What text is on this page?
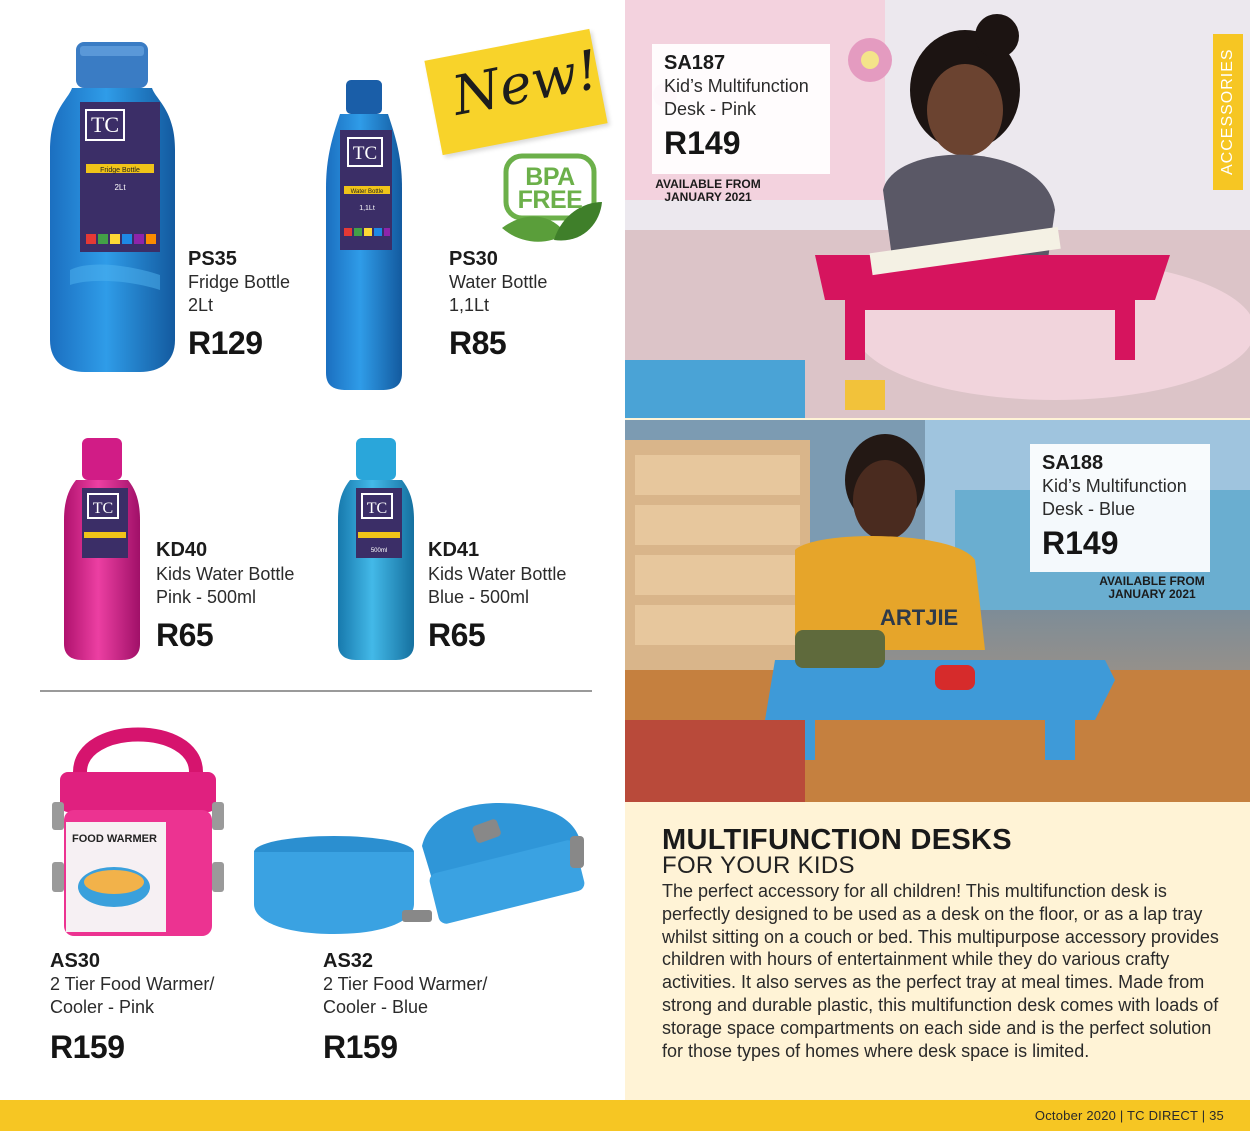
TC
Fridge Bottle
2Lt
TC
Water Bottle
1,1Lt
TC	TC
500ml
FOOD WARMER
PS35
Fridge Bottle
2Lt
R129
PS30
Water Bottle
1,1Lt
R85
KD40
Kids Water Bottle
Pink - 500ml
R65
KD41
Kids Water Bottle
Blue - 500ml
R65
AS30
2 Tier Food Warmer/
Cooler - Pink
R159
AS32
2 Tier Food Warmer/
Cooler - Blue
R159
New!
BPA
FREE
ARTJIE
SA187
Kid’s Multifunction
Desk - Pink
R149
AVAILABLE FROM
JANUARY 2021
SA188
Kid’s Multifunction
Desk - Blue
R149
AVAILABLE FROM
JANUARY 2021
ACCESSORIES
MULTIFUNCTION DESKS
FOR YOUR KIDS
The perfect accessory for all children! This multifunction desk is perfectly designed to be used as a desk on the floor, or as a lap tray whilst sitting on a couch or bed. This multipurpose accessory provides children with hours of entertainment while they do various crafty activities. It also serves as the perfect tray at meal times. Made from strong and durable plastic, this multifunction desk comes with loads of storage space compartments on each side and is the perfect solution for those types of homes where desk space is limited.
October 2020 | TC DIRECT | 35
